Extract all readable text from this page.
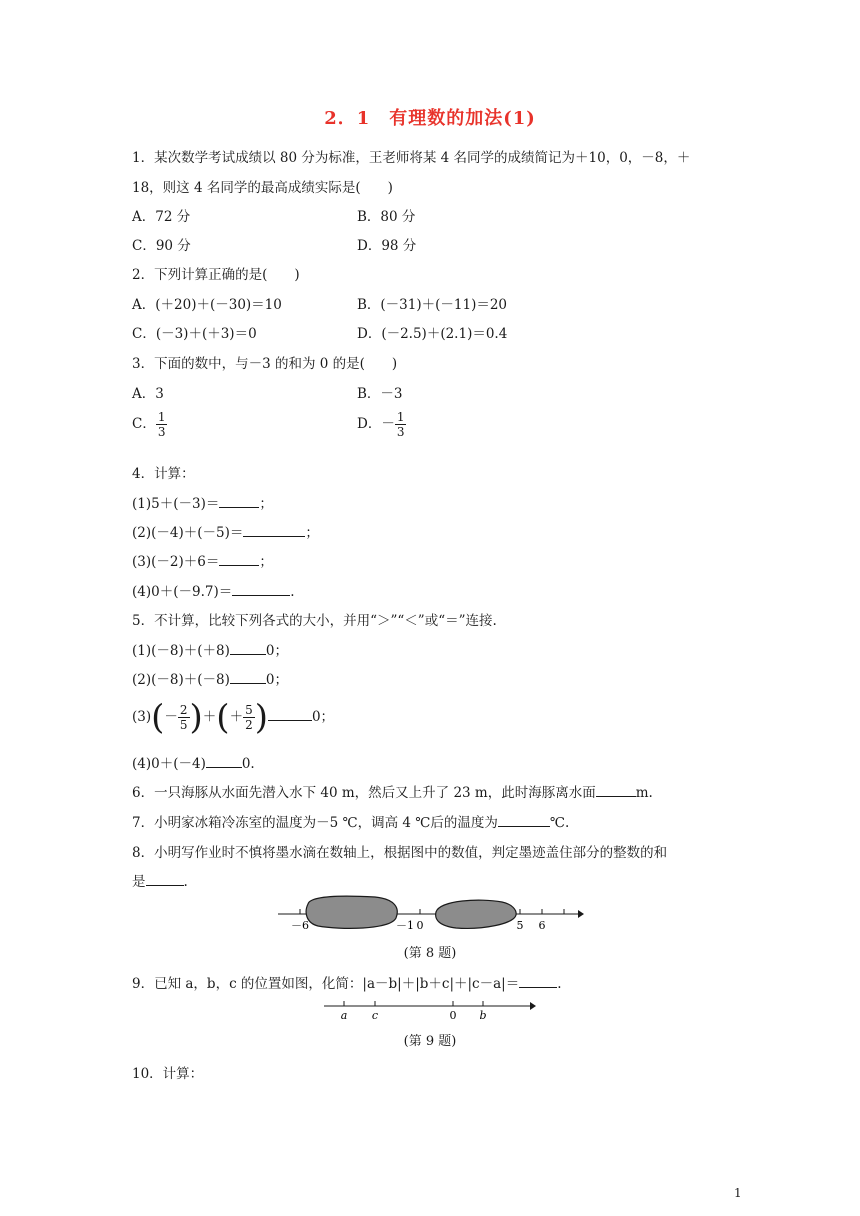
2．1　有理数的加法(1)
1．某次数学考试成绩以 80 分为标准，王老师将某 4 名同学的成绩简记为＋10，0，－8，＋
18，则这 4 名同学的最高成绩实际是(　　)
A．72 分	B．80 分
C．90 分	D．98 分
2．下列计算正确的是(　　)
A．(＋20)＋(－30)＝10	B．(－31)＋(－11)＝20
C．(－3)＋(＋3)＝0	D．(－2.5)＋(2.1)＝0.4
3．下面的数中，与－3 的和为 0 的是(　　)
A．3	B．－3
C． $\frac{1}{3}$	D．－ $\frac{1}{3}$
4．计算：
(1)5＋(－3)＝	；
(2)(－4)＋(－5)＝	；
(3)(－2)＋6＝	；
(4)0＋(－9.7)＝	.
5．不计算，比较下列各式的大小，并用“＞”“＜”或“＝”连接.
(1)(－8)＋(＋8)	0；
(2)(－8)＋(－8)	0；
$(3)(- \frac{2}{5}$ )＋(＋ $\frac{5}{2}$ )	0；
(4)0＋(－4)	0.
6．一只海豚从水面先潜入水下 40 m，然后又上升了 23 m，此时海豚离水面	m.
7．小明家冰箱冷冻室的温度为－5 ℃，调高 4 ℃后的温度为	℃.
8．小明写作业时不慎将墨水滴在数轴上，根据图中的数值，判定墨迹盖住部分的整数的和
是	.
－6	－1 0	5 6
(第 8 题)
9．已知 a，b，c 的位置如图，化简：|a－b|＋|b＋c|＋|c－a|＝	.
a c	0 b
(第 9 题)
10．计算：
1
